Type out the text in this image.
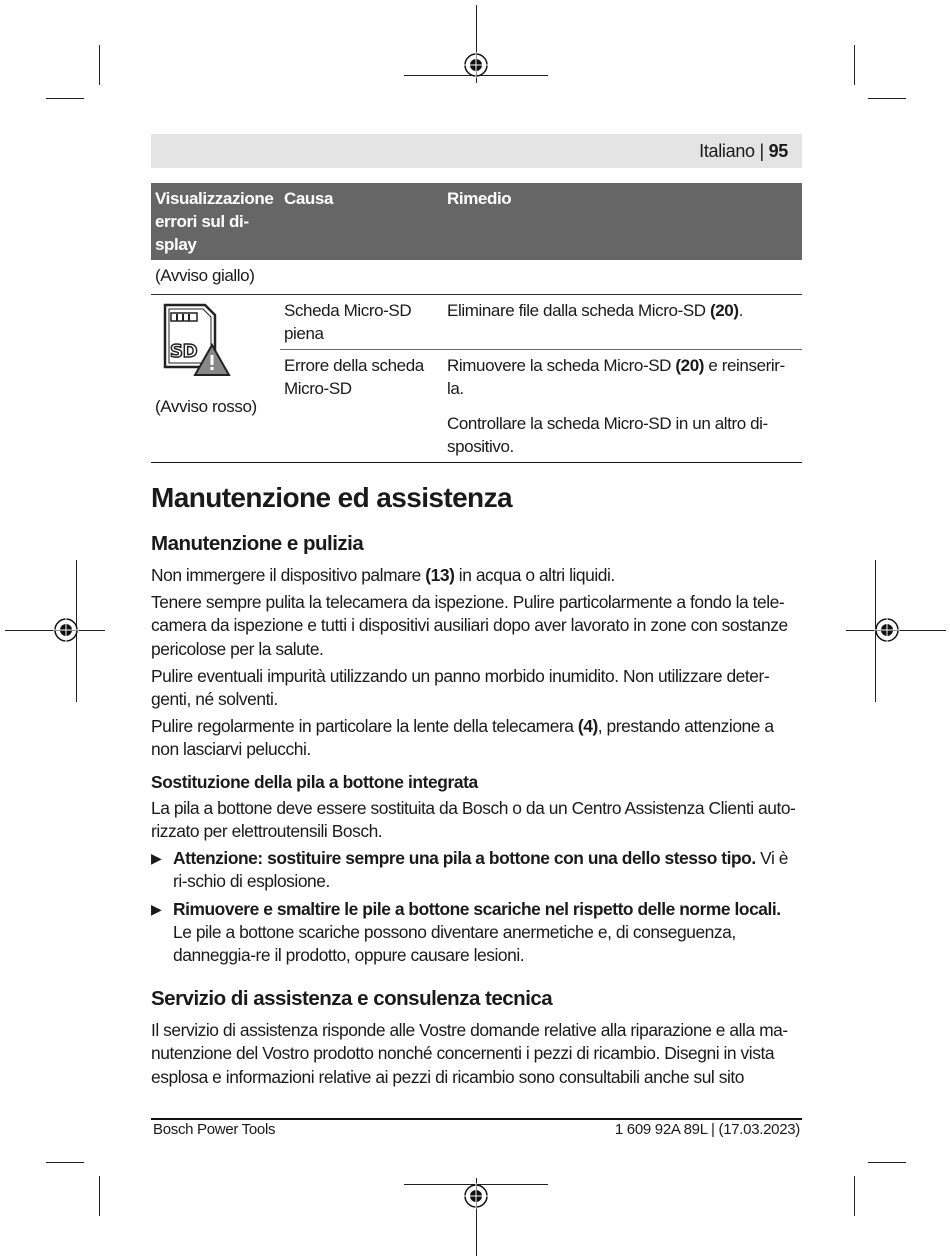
Italiano | 95
Visualizzazione
errori sul di-
splay	Causa	Rimedio
(Avviso giallo)		

SD
(Avviso rosso)	Scheda Micro-SD piena	Eliminare file dalla scheda Micro-SD (20).
	Errore della scheda Micro-SD	Rimuovere la scheda Micro-SD (20) e reinserir-la.
		Controllare la scheda Micro-SD in un altro di-spositivo.
Manutenzione ed assistenza
Manutenzione e pulizia

Non immergere il dispositivo palmare (13) in acqua o altri liquidi.

Tenere sempre pulita la telecamera da ispezione. Pulire particolarmente a fondo la tele-camera da ispezione e tutti i dispositivi ausiliari dopo aver lavorato in zone con sostanze pericolose per la salute.

Pulire eventuali impurità utilizzando un panno morbido inumidito. Non utilizzare deter-genti, né solventi.

Pulire regolarmente in particolare la lente della telecamera (4), prestando attenzione a non lasciarvi pelucchi.

Sostituzione della pila a bottone integrata

La pila a bottone deve essere sostituita da Bosch o da un Centro Assistenza Clienti auto-rizzato per elettroutensili Bosch.

▶ Attenzione: sostituire sempre una pila a bottone con una dello stesso tipo. Vi è ri-schio di esplosione.
▶ Rimuovere e smaltire le pile a bottone scariche nel rispetto delle norme locali. Le pile a bottone scariche possono diventare anermetiche e, di conseguenza, danneggia-re il prodotto, oppure causare lesioni.
Servizio di assistenza e consulenza tecnica

Il servizio di assistenza risponde alle Vostre domande relative alla riparazione e alla ma-nutenzione del Vostro prodotto nonché concernenti i pezzi di ricambio. Disegni in vista esplosa e informazioni relative ai pezzi di ricambio sono consultabili anche sul sito

Bosch Power Tools	1 609 92A 89L | (17.03.2023)
